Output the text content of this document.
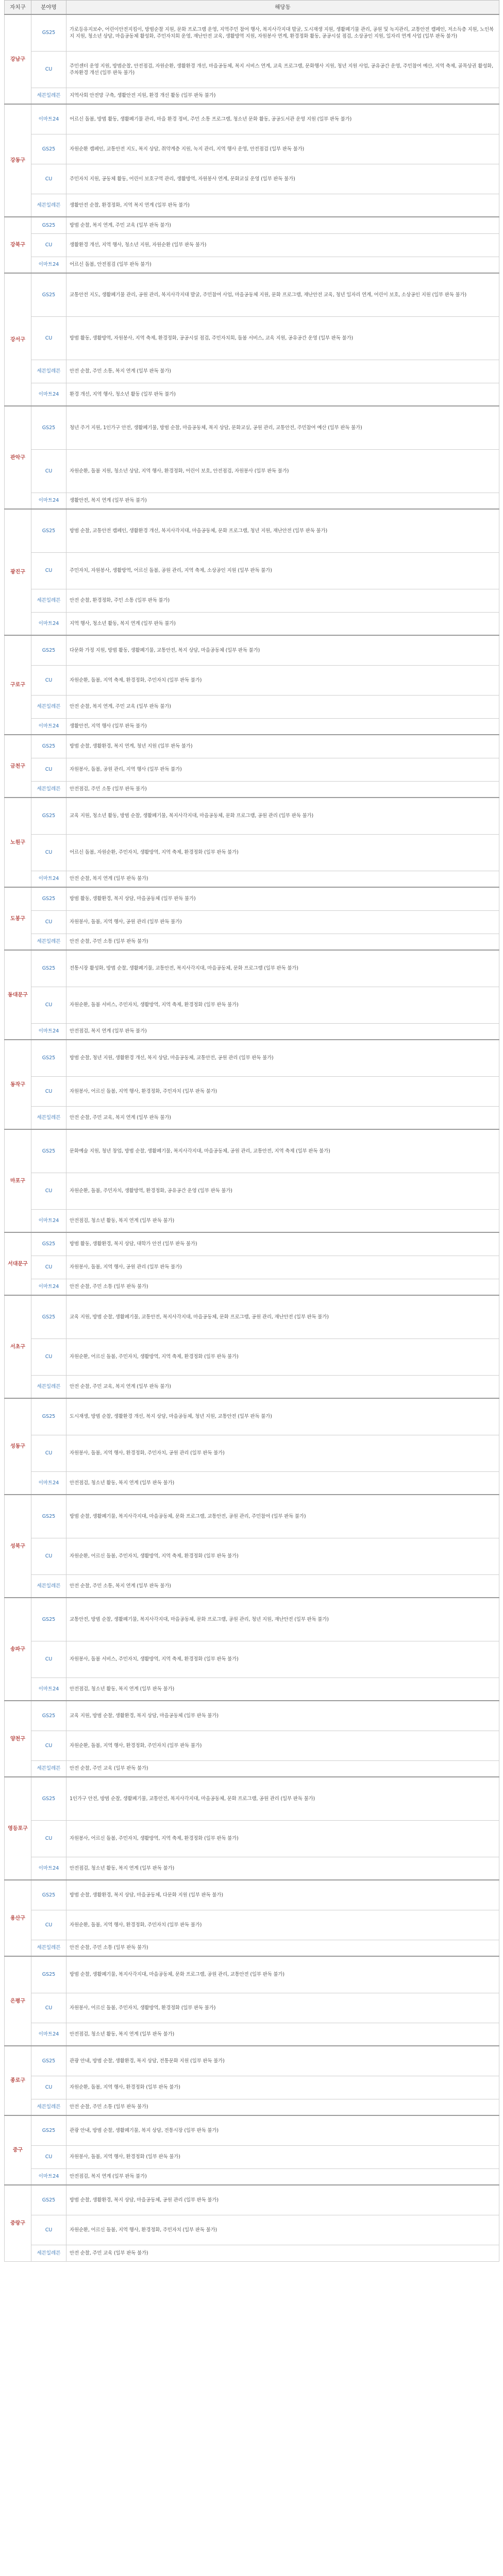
자치구	분야명	해당동
강남구	GS25	가로등유지보수, 어린이안전지킴이, 방범순찰 지원, 문화 프로그램 운영, 지역주민 참여 행사, 복지사각지대 발굴, 도시재생 지원, 생활폐기물 관리, 공원 및 녹지관리, 교통안전 캠페인, 저소득층 지원, 노인복지 지원, 청소년 상담, 마을공동체 활성화, 주민자치회 운영, 재난안전 교육, 생활방역 지원, 자원봉사 연계, 환경정화 활동, 공공시설 점검, 소상공인 지원, 일자리 연계 사업 (일부 판독 불가)
	CU	주민센터 운영 지원, 방범순찰, 안전점검, 자원순환, 생활환경 개선, 마을공동체, 복지 서비스 연계, 교육 프로그램, 문화행사 지원, 청년 지원 사업, 공유공간 운영, 주민참여 예산, 지역 축제, 골목상권 활성화, 주차환경 개선 (일부 판독 불가)
	세븐일레븐	지역사회 안전망 구축, 생활안전 지원, 환경 개선 활동 (일부 판독 불가)
강동구	이마트24	어르신 돌봄, 방범 활동, 생활폐기물 관리, 마을 환경 정비, 주민 소통 프로그램, 청소년 문화 활동, 공공도서관 운영 지원 (일부 판독 불가)
	GS25	자원순환 캠페인, 교통안전 지도, 복지 상담, 취약계층 지원, 녹지 관리, 지역 행사 운영, 안전점검 (일부 판독 불가)
	CU	주민자치 지원, 공동체 활동, 어린이 보호구역 관리, 생활방역, 자원봉사 연계, 문화교실 운영 (일부 판독 불가)
	세븐일레븐	생활안전 순찰, 환경정화, 지역 복지 연계 (일부 판독 불가)
강북구	GS25	방범 순찰, 복지 연계, 주민 교육 (일부 판독 불가)
	CU	생활환경 개선, 지역 행사, 청소년 지원, 자원순환 (일부 판독 불가)
	이마트24	어르신 돌봄, 안전점검 (일부 판독 불가)
강서구	GS25	교통안전 지도, 생활폐기물 관리, 공원 관리, 복지사각지대 발굴, 주민참여 사업, 마을공동체 지원, 문화 프로그램, 재난안전 교육, 청년 일자리 연계, 어린이 보호, 소상공인 지원 (일부 판독 불가)
	CU	방범 활동, 생활방역, 자원봉사, 지역 축제, 환경정화, 공공시설 점검, 주민자치회, 돌봄 서비스, 교육 지원, 공유공간 운영 (일부 판독 불가)
	세븐일레븐	안전 순찰, 주민 소통, 복지 연계 (일부 판독 불가)
	이마트24	환경 개선, 지역 행사, 청소년 활동 (일부 판독 불가)
관악구	GS25	청년 주거 지원, 1인가구 안전, 생활폐기물, 방범 순찰, 마을공동체, 복지 상담, 문화교실, 공원 관리, 교통안전, 주민참여 예산 (일부 판독 불가)
	CU	자원순환, 돌봄 지원, 청소년 상담, 지역 행사, 환경정화, 어린이 보호, 안전점검, 자원봉사 (일부 판독 불가)
	이마트24	생활안전, 복지 연계 (일부 판독 불가)
광진구	GS25	방범 순찰, 교통안전 캠페인, 생활환경 개선, 복지사각지대, 마을공동체, 문화 프로그램, 청년 지원, 재난안전 (일부 판독 불가)
	CU	주민자치, 자원봉사, 생활방역, 어르신 돌봄, 공원 관리, 지역 축제, 소상공인 지원 (일부 판독 불가)
	세븐일레븐	안전 순찰, 환경정화, 주민 소통 (일부 판독 불가)
	이마트24	지역 행사, 청소년 활동, 복지 연계 (일부 판독 불가)
구로구	GS25	다문화 가정 지원, 방범 활동, 생활폐기물, 교통안전, 복지 상담, 마을공동체 (일부 판독 불가)
	CU	자원순환, 돌봄, 지역 축제, 환경정화, 주민자치 (일부 판독 불가)
	세븐일레븐	안전 순찰, 복지 연계, 주민 교육 (일부 판독 불가)
	이마트24	생활안전, 지역 행사 (일부 판독 불가)
금천구	GS25	방범 순찰, 생활환경, 복지 연계, 청년 지원 (일부 판독 불가)
	CU	자원봉사, 돌봄, 공원 관리, 지역 행사 (일부 판독 불가)
	세븐일레븐	안전점검, 주민 소통 (일부 판독 불가)
노원구	GS25	교육 지원, 청소년 활동, 방범 순찰, 생활폐기물, 복지사각지대, 마을공동체, 문화 프로그램, 공원 관리 (일부 판독 불가)
	CU	어르신 돌봄, 자원순환, 주민자치, 생활방역, 지역 축제, 환경정화 (일부 판독 불가)
	이마트24	안전 순찰, 복지 연계 (일부 판독 불가)
도봉구	GS25	방범 활동, 생활환경, 복지 상담, 마을공동체 (일부 판독 불가)
	CU	자원봉사, 돌봄, 지역 행사, 공원 관리 (일부 판독 불가)
	세븐일레븐	안전 순찰, 주민 소통 (일부 판독 불가)
동대문구	GS25	전통시장 활성화, 방범 순찰, 생활폐기물, 교통안전, 복지사각지대, 마을공동체, 문화 프로그램 (일부 판독 불가)
	CU	자원순환, 돌봄 서비스, 주민자치, 생활방역, 지역 축제, 환경정화 (일부 판독 불가)
	이마트24	안전점검, 복지 연계 (일부 판독 불가)
동작구	GS25	방범 순찰, 청년 지원, 생활환경 개선, 복지 상담, 마을공동체, 교통안전, 공원 관리 (일부 판독 불가)
	CU	자원봉사, 어르신 돌봄, 지역 행사, 환경정화, 주민자치 (일부 판독 불가)
	세븐일레븐	안전 순찰, 주민 교육, 복지 연계 (일부 판독 불가)
마포구	GS25	문화예술 지원, 청년 창업, 방범 순찰, 생활폐기물, 복지사각지대, 마을공동체, 공원 관리, 교통안전, 지역 축제 (일부 판독 불가)
	CU	자원순환, 돌봄, 주민자치, 생활방역, 환경정화, 공유공간 운영 (일부 판독 불가)
	이마트24	안전점검, 청소년 활동, 복지 연계 (일부 판독 불가)
서대문구	GS25	방범 활동, 생활환경, 복지 상담, 대학가 안전 (일부 판독 불가)
	CU	자원봉사, 돌봄, 지역 행사, 공원 관리 (일부 판독 불가)
	이마트24	안전 순찰, 주민 소통 (일부 판독 불가)
서초구	GS25	교육 지원, 방범 순찰, 생활폐기물, 교통안전, 복지사각지대, 마을공동체, 문화 프로그램, 공원 관리, 재난안전 (일부 판독 불가)
	CU	자원순환, 어르신 돌봄, 주민자치, 생활방역, 지역 축제, 환경정화 (일부 판독 불가)
	세븐일레븐	안전 순찰, 주민 교육, 복지 연계 (일부 판독 불가)
성동구	GS25	도시재생, 방범 순찰, 생활환경 개선, 복지 상담, 마을공동체, 청년 지원, 교통안전 (일부 판독 불가)
	CU	자원봉사, 돌봄, 지역 행사, 환경정화, 주민자치, 공원 관리 (일부 판독 불가)
	이마트24	안전점검, 청소년 활동, 복지 연계 (일부 판독 불가)
성북구	GS25	방범 순찰, 생활폐기물, 복지사각지대, 마을공동체, 문화 프로그램, 교통안전, 공원 관리, 주민참여 (일부 판독 불가)
	CU	자원순환, 어르신 돌봄, 주민자치, 생활방역, 지역 축제, 환경정화 (일부 판독 불가)
	세븐일레븐	안전 순찰, 주민 소통, 복지 연계 (일부 판독 불가)
송파구	GS25	교통안전, 방범 순찰, 생활폐기물, 복지사각지대, 마을공동체, 문화 프로그램, 공원 관리, 청년 지원, 재난안전 (일부 판독 불가)
	CU	자원봉사, 돌봄 서비스, 주민자치, 생활방역, 지역 축제, 환경정화 (일부 판독 불가)
	이마트24	안전점검, 청소년 활동, 복지 연계 (일부 판독 불가)
양천구	GS25	교육 지원, 방범 순찰, 생활환경, 복지 상담, 마을공동체 (일부 판독 불가)
	CU	자원순환, 돌봄, 지역 행사, 환경정화, 주민자치 (일부 판독 불가)
	세븐일레븐	안전 순찰, 주민 교육 (일부 판독 불가)
영등포구	GS25	1인가구 안전, 방범 순찰, 생활폐기물, 교통안전, 복지사각지대, 마을공동체, 문화 프로그램, 공원 관리 (일부 판독 불가)
	CU	자원봉사, 어르신 돌봄, 주민자치, 생활방역, 지역 축제, 환경정화 (일부 판독 불가)
	이마트24	안전점검, 청소년 활동, 복지 연계 (일부 판독 불가)
용산구	GS25	방범 순찰, 생활환경, 복지 상담, 마을공동체, 다문화 지원 (일부 판독 불가)
	CU	자원순환, 돌봄, 지역 행사, 환경정화, 주민자치 (일부 판독 불가)
	세븐일레븐	안전 순찰, 주민 소통 (일부 판독 불가)
은평구	GS25	방범 순찰, 생활폐기물, 복지사각지대, 마을공동체, 문화 프로그램, 공원 관리, 교통안전 (일부 판독 불가)
	CU	자원봉사, 어르신 돌봄, 주민자치, 생활방역, 환경정화 (일부 판독 불가)
	이마트24	안전점검, 청소년 활동, 복지 연계 (일부 판독 불가)
종로구	GS25	관광 안내, 방범 순찰, 생활환경, 복지 상담, 전통문화 지원 (일부 판독 불가)
	CU	자원순환, 돌봄, 지역 행사, 환경정화 (일부 판독 불가)
	세븐일레븐	안전 순찰, 주민 소통 (일부 판독 불가)
중구	GS25	관광 안내, 방범 순찰, 생활폐기물, 복지 상담, 전통시장 (일부 판독 불가)
	CU	자원봉사, 돌봄, 지역 행사, 환경정화 (일부 판독 불가)
	이마트24	안전점검, 복지 연계 (일부 판독 불가)
중랑구	GS25	방범 순찰, 생활환경, 복지 상담, 마을공동체, 공원 관리 (일부 판독 불가)
	CU	자원순환, 어르신 돌봄, 지역 행사, 환경정화, 주민자치 (일부 판독 불가)
	세븐일레븐	안전 순찰, 주민 교육 (일부 판독 불가)
